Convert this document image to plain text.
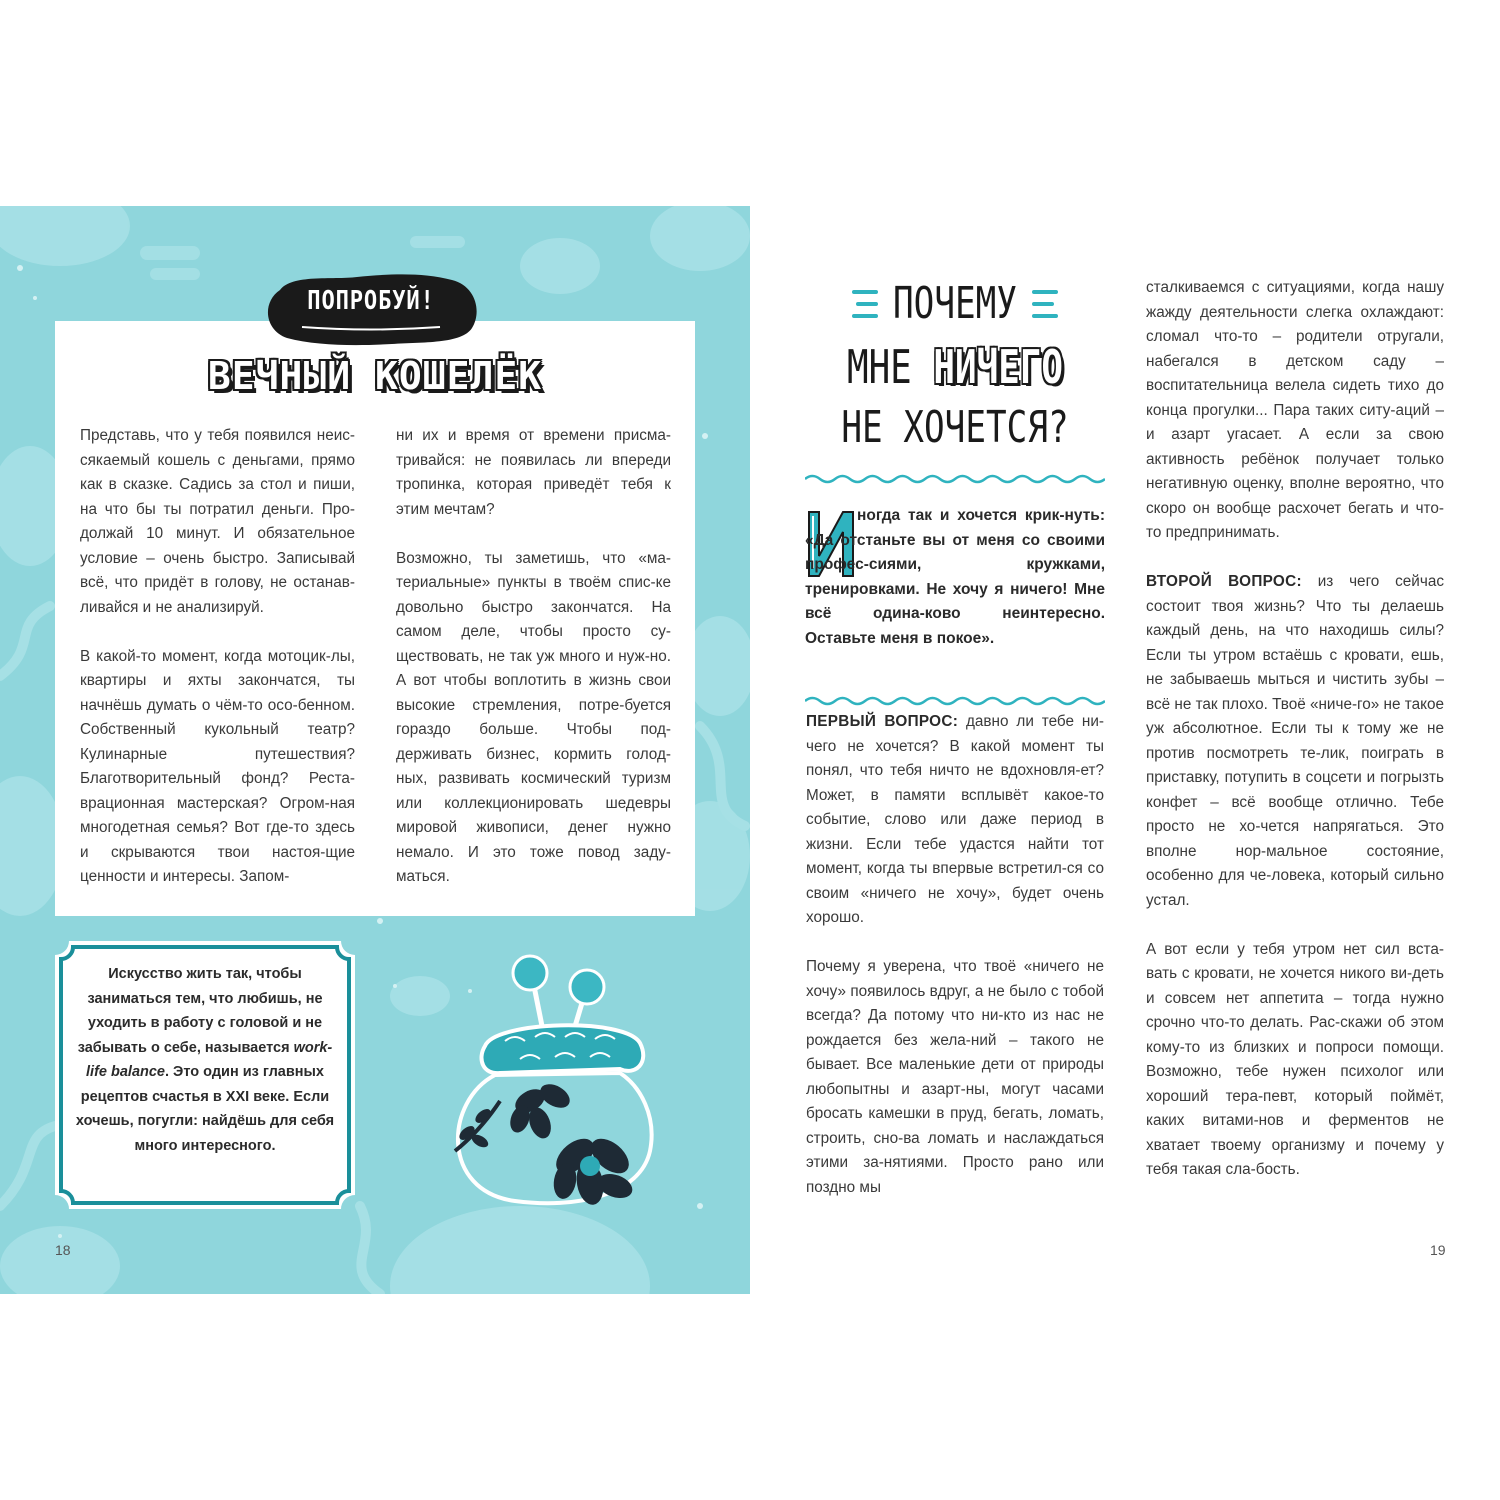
ПОПРОБУЙ!
ВЕЧНЫЙ КОШЕЛЁК

Представь, что у тебя появился неис-сякаемый кошель с деньгами, прямо как в сказке. Садись за стол и пиши, на что бы ты потратил деньги. Про-должай 10 минут. И обязательное условие – очень быстро. Записывай всё, что придёт в голову, не останав-ливайся и не анализируй.

В какой-то момент, когда мотоцик-лы, квартиры и яхты закончатся, ты начнёшь думать о чём-то осо-бенном. Собственный кукольный театр? Кулинарные путешествия? Благотворительный фонд? Реста-врационная мастерская? Огром-ная многодетная семья? Вот где-то здесь и скрываются твои настоя-щие ценности и интересы. Запом-

ни их и время от времени присма-тривайся: не появилась ли впереди тропинка, которая приведёт тебя к этим мечтам?

Возможно, ты заметишь, что «ма-териальные» пункты в твоём спис-ке довольно быстро закончатся. На самом деле, чтобы просто су-ществовать, не так уж много и нуж-но. А вот чтобы воплотить в жизнь свои высокие стремления, потре-буется гораздо больше. Чтобы под-держивать бизнес, кормить голод-ных, развивать космический туризм или коллекционировать шедевры мировой живописи, денег нужно немало. И это тоже повод заду-маться.

Искусство жить так, чтобы заниматься тем, что любишь, не уходить в работу с головой и не забывать о себе, называется work-life balance. Это один из главных рецептов счастья в XXI веке. Если хочешь, погугли: найдёшь для себя много интересного.
18
ПОЧЕМУ
МНЕ НИЧЕГО
НЕ ХОЧЕТСЯ?
ногда так и хочется крик-нуть: «Да отстаньте вы от меня со своими профес-сиями, кружками, тренировками. Не хочу я ничего! Мне всё одина-ково неинтересно. Оставьте меня в покое».

ПЕРВЫЙ ВОПРОС: давно ли тебе ни-чего не хочется? В какой момент ты понял, что тебя ничто не вдохновля-ет? Может, в памяти всплывёт какое-то событие, слово или даже период в жизни. Если тебе удастся найти тот момент, когда ты впервые встретил-ся со своим «ничего не хочу», будет очень хорошо.

Почему я уверена, что твоё «ничего не хочу» появилось вдруг, а не было с тобой всегда? Да потому что ни-кто из нас не рождается без жела-ний – такого не бывает. Все маленькие дети от природы любопытны и азарт-ны, могут часами бросать камешки в пруд, бегать, ломать, строить, сно-ва ломать и наслаждаться этими за-нятиями. Просто рано или поздно мы

сталкиваемся с ситуациями, когда нашу жажду деятельности слегка охлаждают: сломал что-то – родители отругали, набегался в детском саду – воспитательница велела сидеть тихо до конца прогулки... Пара таких ситу-аций – и азарт угасает. А если за свою активность ребёнок получает только негативную оценку, вполне вероятно, что скоро он вообще расхочет бегать и что-то предпринимать.

ВТОРОЙ ВОПРОС: из чего сейчас состоит твоя жизнь? Что ты делаешь каждый день, на что находишь силы? Если ты утром встаёшь с кровати, ешь, не забываешь мыться и чистить зубы – всё не так плохо. Твоё «ниче-го» не такое уж абсолютное. Если ты к тому же не против посмотреть те-лик, поиграть в приставку, потупить в соцсети и погрызть конфет – всё вообще отлично. Тебе просто не хо-чется напрягаться. Это вполне нор-мальное состояние, особенно для че-ловека, который сильно устал.

А вот если у тебя утром нет сил вста-вать с кровати, не хочется никого ви-деть и совсем нет аппетита – тогда нужно срочно что-то делать. Рас-скажи об этом кому-то из близких и попроси помощи. Возможно, тебе нужен психолог или хороший тера-певт, который поймёт, каких витами-нов и ферментов не хватает твоему организму и почему у тебя такая сла-бость.

19
